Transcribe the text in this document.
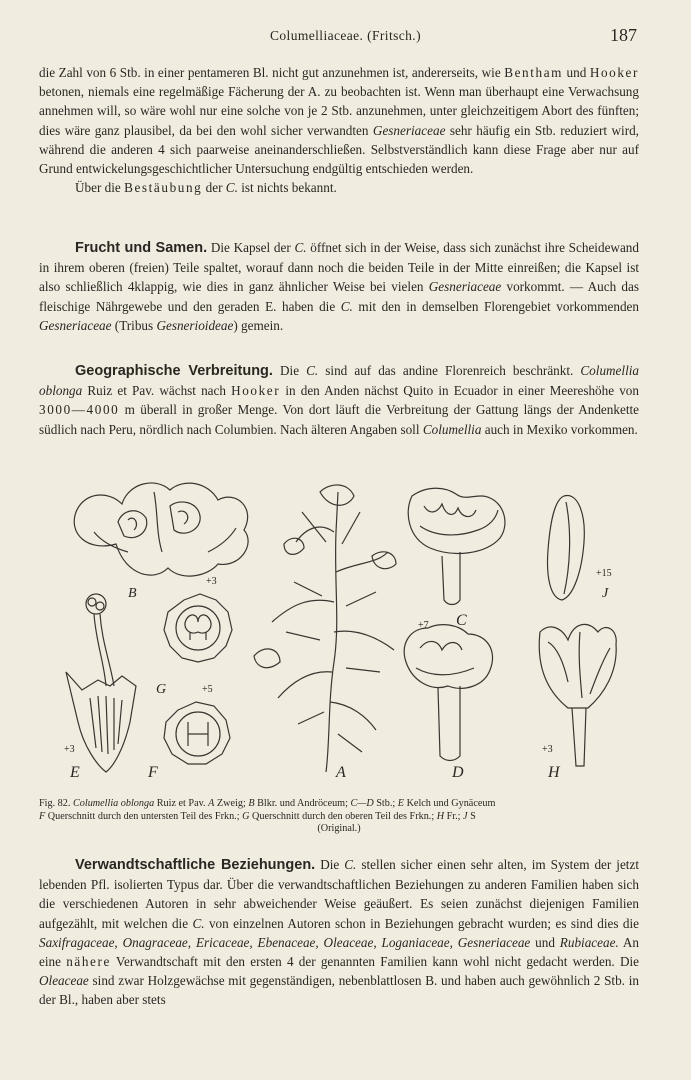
Columelliaceae. (Fritsch.)	187

die Zahl von 6 Stb. in einer pentameren Bl. nicht gut anzunehmen ist, andererseits, wie Bentham und Hooker betonen, niemals eine regelmäßige Fächerung der A. zu beobachten ist. Wenn man überhaupt eine Verwachsung annehmen will, so wäre wohl nur eine solche von je 2 Stb. anzunehmen, unter gleichzeitigem Abort des fünften; dies wäre ganz plausibel, da bei den wohl sicher verwandten Gesneriaceae sehr häufig ein Stb. reduziert wird, während die anderen 4 sich paarweise aneinanderschließen. Selbstverständlich kann diese Frage aber nur auf Grund entwickelungsgeschichtlicher Untersuchung endgültig entschieden werden.

Über die Bestäubung der C. ist nichts bekannt.

Frucht und Samen. Die Kapsel der C. öffnet sich in der Weise, dass sich zunächst ihre Scheidewand in ihrem oberen (freien) Teile spaltet, worauf dann noch die beiden Teile in der Mitte einreißen; die Kapsel ist also schließlich 4klappig, wie dies in ganz ähnlicher Weise bei vielen Gesneriaceae vorkommt. — Auch das fleischige Nährgewebe und den geraden E. haben die C. mit den in demselben Florengebiet vorkommenden Gesneriaceae (Tribus Gesnerioideae) gemein.

Geographische Verbreitung. Die C. sind auf das andine Florenreich beschränkt. Columellia oblonga Ruiz et Pav. wächst nach Hooker in den Anden nächst Quito in Ecuador in einer Meereshöhe von 3000—4000 m überall in großer Menge. Von dort läuft die Verbreitung der Gattung längs der Andenkette südlich nach Peru, nördlich nach Columbien. Nach älteren Angaben soll Columellia auch in Mexiko vorkommen.

B
+3
A
C
+7
D
E
+3
F
G	+5
H
+3
J
+15

Fig. 82. Columellia oblonga Ruiz et Pav. A Zweig; B Blkr. und Andröceum; C—D Stb.; E Kelch und Gynäceum

F Querschnitt durch den untersten Teil des Frkn.; G Querschnitt durch den oberen Teil des Frkn.; H Fr.; J S

(Original.)

Verwandtschaftliche Beziehungen. Die C. stellen sicher einen sehr alten, im System der jetzt lebenden Pfl. isolierten Typus dar. Über die verwandtschaftlichen Beziehungen zu anderen Familien haben sich die verschiedenen Autoren in sehr abweichender Weise geäußert. Es seien zunächst diejenigen Familien aufgezählt, mit welchen die C. von einzelnen Autoren schon in Beziehungen gebracht wurden; es sind dies die Saxifragaceae, Onagraceae, Ericaceae, Ebenaceae, Oleaceae, Loganiaceae, Gesneriaceae und Rubiaceae. An eine nähere Verwandtschaft mit den ersten 4 der genannten Familien kann wohl nicht gedacht werden. Die Oleaceae sind zwar Holzgewächse mit gegenständigen, nebenblattlosen B. und haben auch gewöhnlich 2 Stb. in der Bl., haben aber stets
